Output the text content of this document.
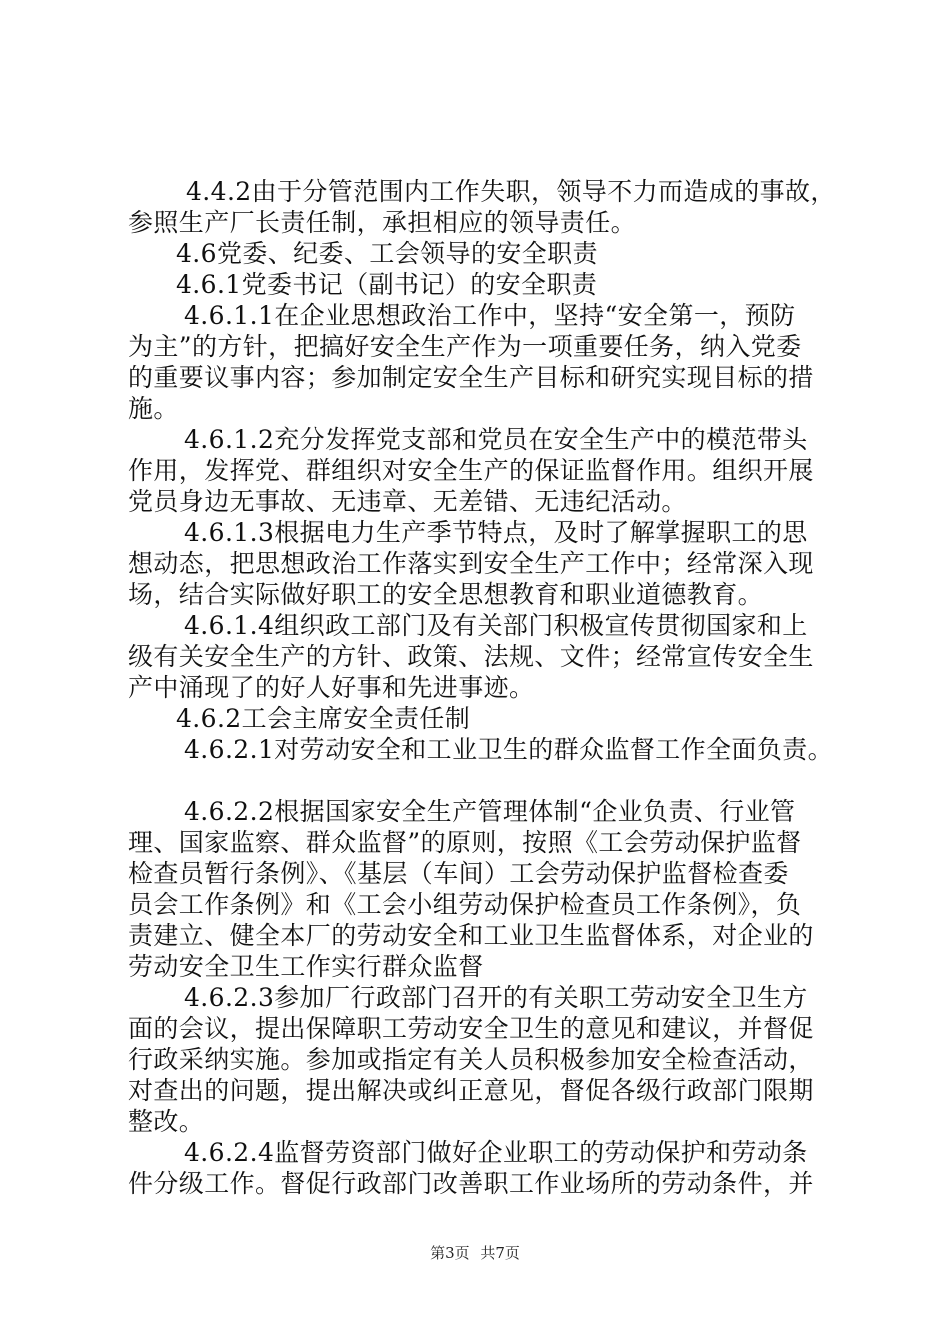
4.4.2由于分管范围内工作失职，领导不力而造成的事故，
参照生产厂长责任制，承担相应的领导责任。
4.6党委、纪委、工会领导的安全职责
4.6.1党委书记（副书记）的安全职责
4.6.1.1在企业思想政治工作中，坚持“安全第一，预防
为主”的方针，把搞好安全生产作为一项重要任务，纳入党委
的重要议事内容；参加制定安全生产目标和研究实现目标的措
施。
4.6.1.2充分发挥党支部和党员在安全生产中的模范带头
作用，发挥党、群组织对安全生产的保证监督作用。组织开展
党员身边无事故、无违章、无差错、无违纪活动。
4.6.1.3根据电力生产季节特点，及时了解掌握职工的思
想动态，把思想政治工作落实到安全生产工作中；经常深入现
场，结合实际做好职工的安全思想教育和职业道德教育。
4.6.1.4组织政工部门及有关部门积极宣传贯彻国家和上
级有关安全生产的方针、政策、法规、文件；经常宣传安全生
产中涌现了的好人好事和先进事迹。
4.6.2工会主席安全责任制
4.6.2.1对劳动安全和工业卫生的群众监督工作全面负责。
4.6.2.2根据国家安全生产管理体制“企业负责、行业管
理、国家监察、群众监督”的原则，按照《工会劳动保护监督
检查员暂行条例》、《基层（车间）工会劳动保护监督检查委
员会工作条例》和《工会小组劳动保护检查员工作条例》，负
责建立、健全本厂的劳动安全和工业卫生监督体系，对企业的
劳动安全卫生工作实行群众监督
4.6.2.3参加厂行政部门召开的有关职工劳动安全卫生方
面的会议，提出保障职工劳动安全卫生的意见和建议，并督促
行政采纳实施。参加或指定有关人员积极参加安全检查活动，
对查出的问题，提出解决或纠正意见，督促各级行政部门限期
整改。
4.6.2.4监督劳资部门做好企业职工的劳动保护和劳动条
件分级工作。督促行政部门改善职工作业场所的劳动条件，并
第3页 共7页
